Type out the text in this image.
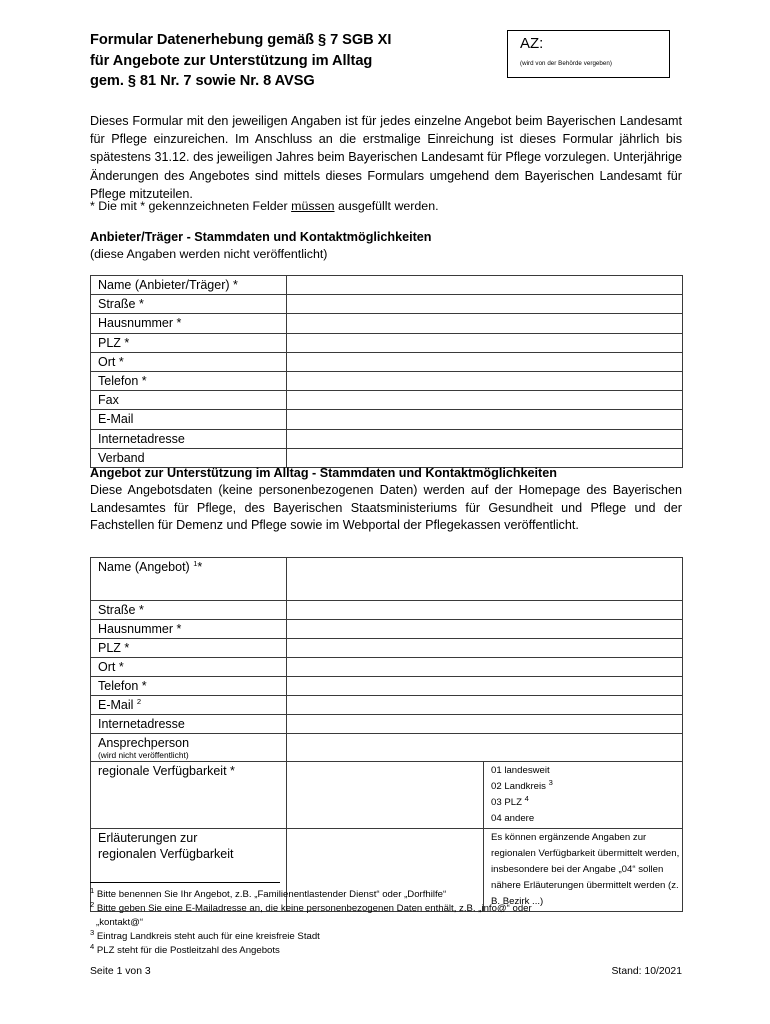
Formular Datenerhebung gemäß § 7 SGB XI
für Angebote zur Unterstützung im Alltag
gem. § 81 Nr. 7 sowie Nr. 8 AVSG
AZ:
(wird von der Behörde vergeben)
Dieses Formular mit den jeweiligen Angaben ist für jedes einzelne Angebot beim Bayerischen Landesamt für Pflege einzureichen. Im Anschluss an die erstmalige Einreichung ist dieses Formular jährlich bis spätestens 31.12. des jeweiligen Jahres beim Bayerischen Landesamt für Pflege vorzulegen. Unterjährige Änderungen des Angebotes sind mittels dieses Formulars umgehend dem Bayerischen Landesamt für Pflege mitzuteilen.
* Die mit * gekennzeichneten Felder müssen ausgefüllt werden.
Anbieter/Träger - Stammdaten und Kontaktmöglichkeiten
(diese Angaben werden nicht veröffentlicht)
Name (Anbieter/Träger) *	
Straße *	
Hausnummer *	
PLZ *	
Ort *	
Telefon *	
Fax	
E-Mail	
Internetadresse	
Verband	
Angebot zur Unterstützung im Alltag - Stammdaten und Kontaktmöglichkeiten
Diese Angebotsdaten (keine personenbezogenen Daten) werden auf der Homepage des Bayerischen Landesamtes für Pflege, des Bayerischen Staatsministeriums für Gesundheit und Pflege und der Fachstellen für Demenz und Pflege sowie im Webportal der Pflegekassen veröffentlicht.
Name (Angebot) $^1$*		
Straße *		
Hausnummer *		
PLZ *		
Ort *		
Telefon *		
E-Mail $^2$	
Internetadresse		
Ansprechperson
(wird nicht veröffentlicht)		

regionale Verfügbarkeit *		01 landesweit
02 Landkreis $^3$
03 PLZ $^4$
04 andere

Erläuterungen zur
regionalen Verfügbarkeit		Es können ergänzende Angaben zur regionalen Verfügbarkeit übermittelt werden, insbesondere bei der Angabe „04“ sollen nähere Erläuterungen übermittelt werden (z. B. Bezirk ...)

$^1$ Bitte benennen Sie Ihr Angebot, z.B. „Familienentlastender Dienst“ oder „Dorfhilfe“

$^2$ Bitte geben Sie eine E-Mailadresse an, die keine personenbezogenen Daten enthält, z.B. „info@“ oder

„kontakt@“

$^3$ Eintrag Landkreis steht auch für eine kreisfreie Stadt

$^4$ PLZ steht für die Postleitzahl des Angebots

Seite 1 von 3	Stand: 10/2021
